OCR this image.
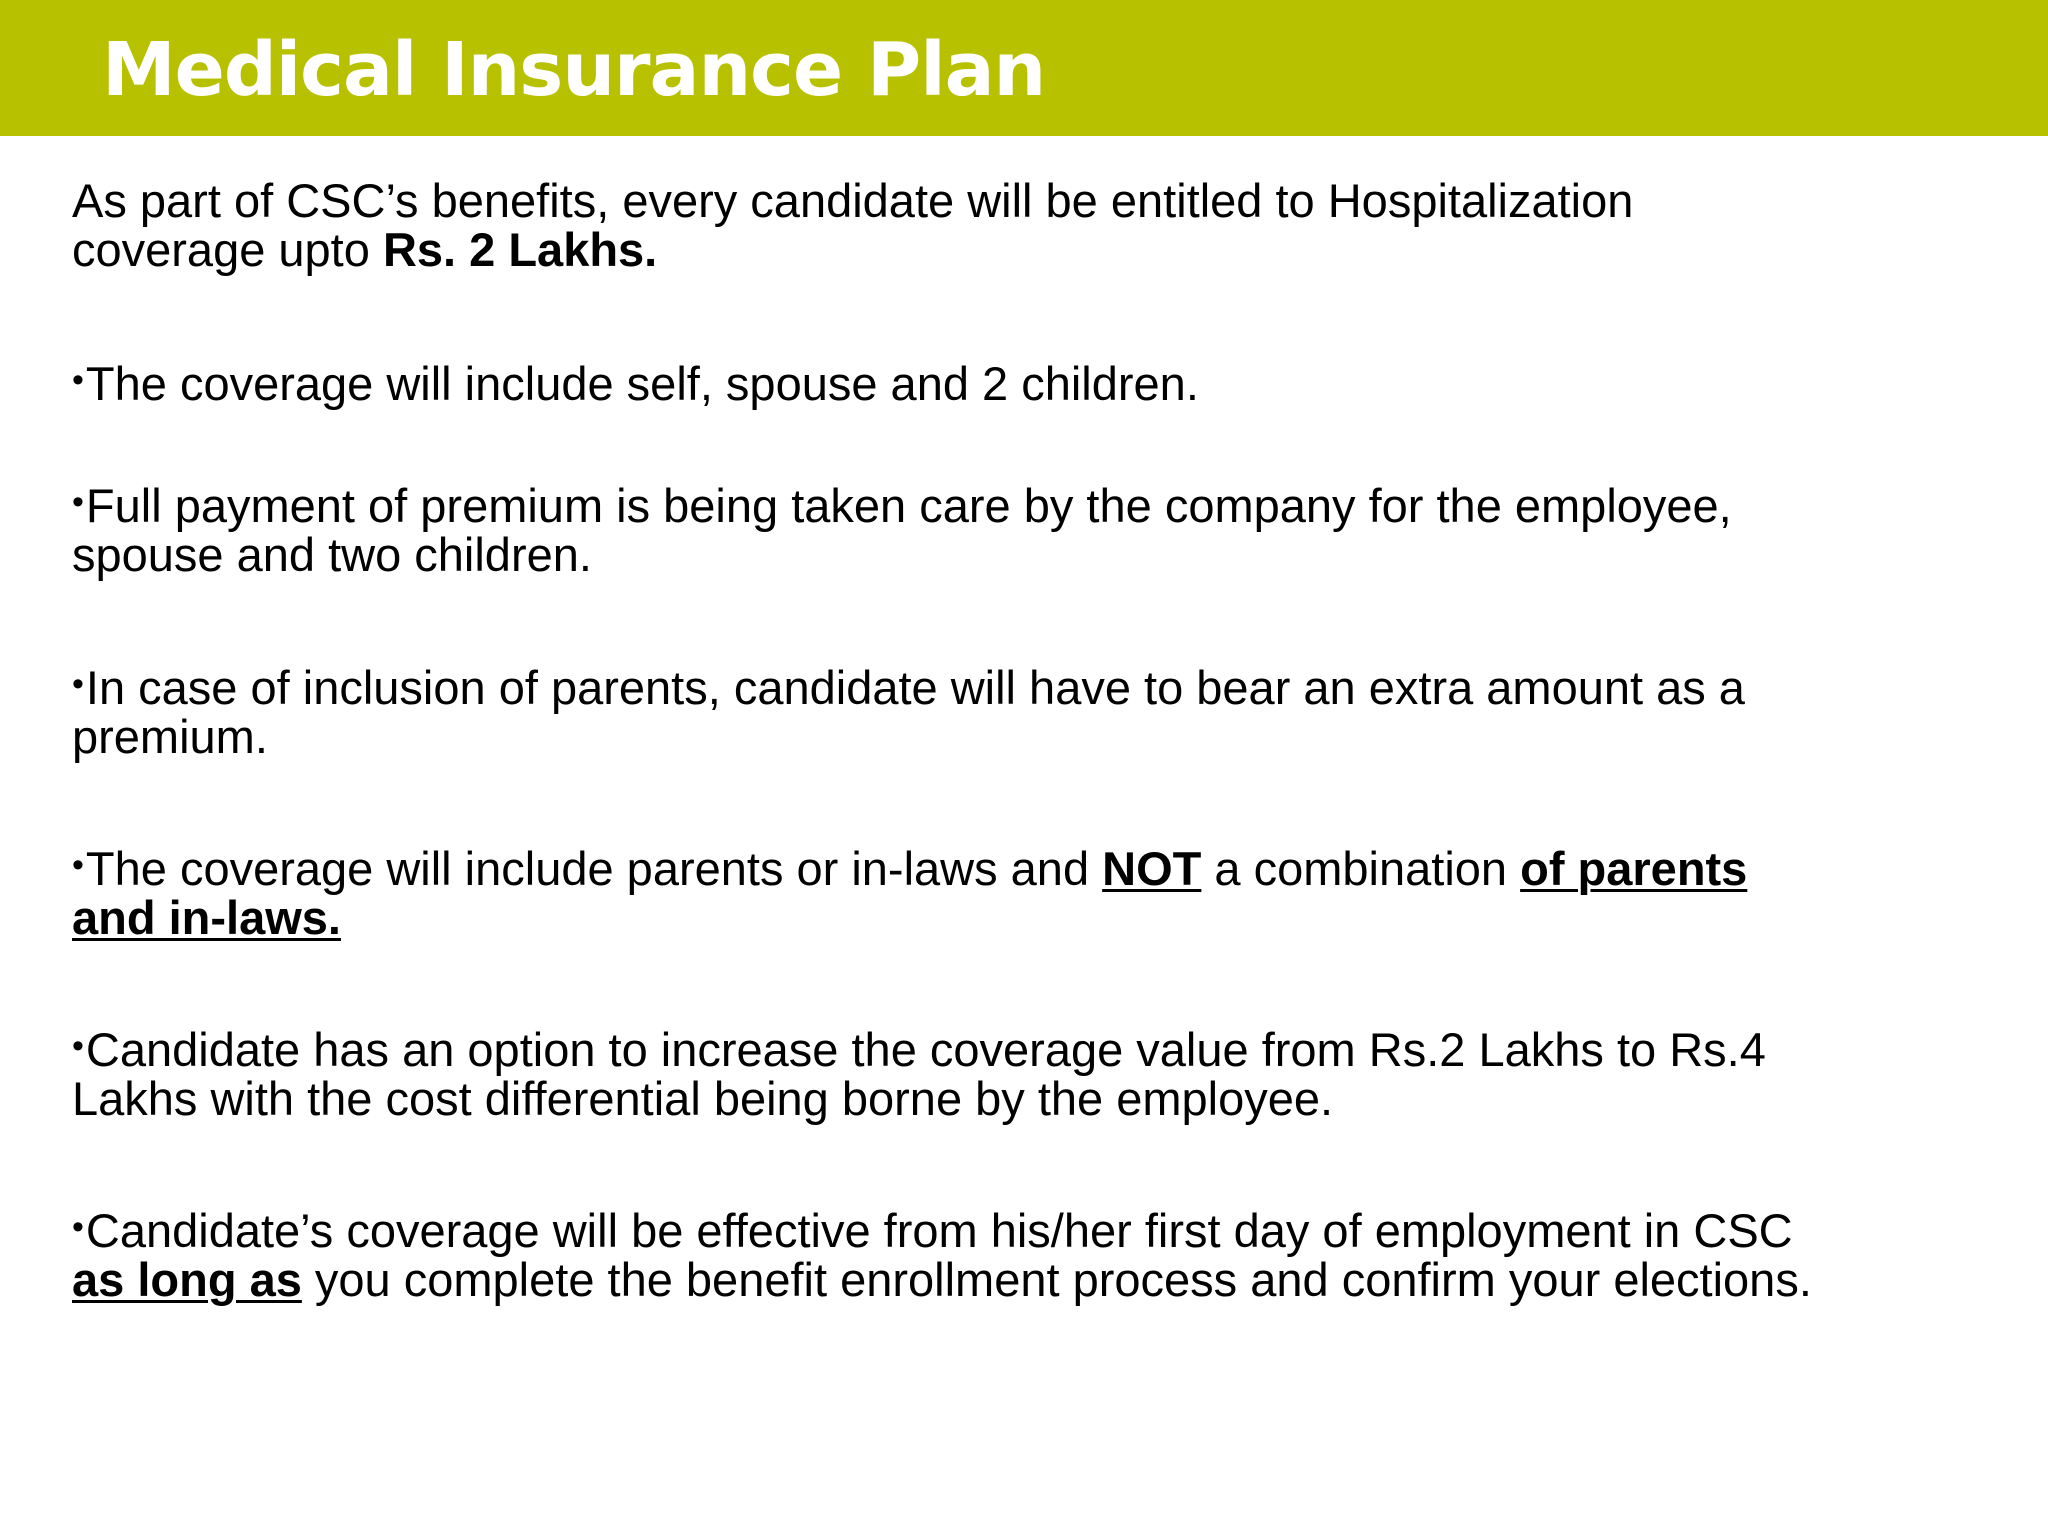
Medical Insurance Plan

As part of CSC’s benefits, every candidate will be entitled to Hospitalization
coverage upto Rs. 2 Lakhs.

•The coverage will include self, spouse and 2 children.

•Full payment of premium is being taken care by the company for the employee,
spouse and two children.

•In case of inclusion of parents, candidate will have to bear an extra amount as a
premium.

•The coverage will include parents or in-laws and NOT a combination of parents
and in-laws.

•Candidate has an option to increase the coverage value from Rs.2 Lakhs to Rs.4
Lakhs with the cost differential being borne by the employee.

•Candidate’s coverage will be effective from his/her first day of employment in CSC
as long as you complete the benefit enrollment process and confirm your elections.
